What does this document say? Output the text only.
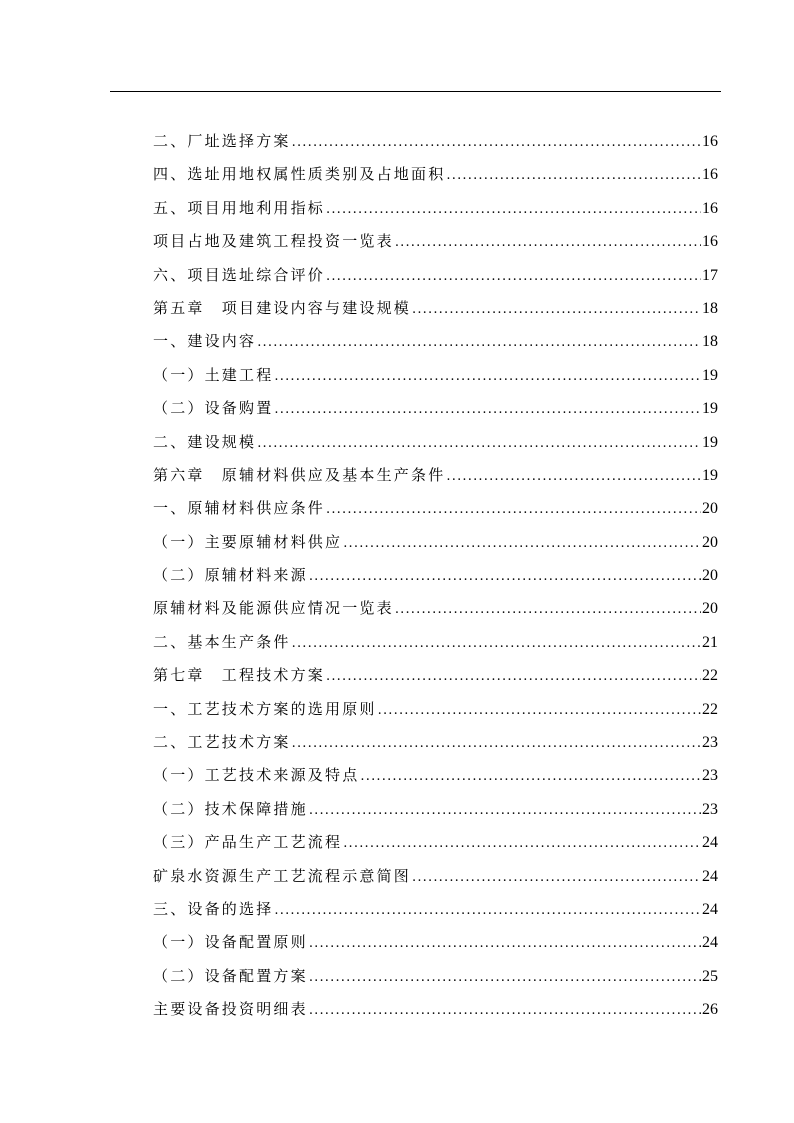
二、厂址选择方案 .....	16
四、选址用地权属性质类别及占地面积 .....	16
五、项目用地利用指标 .....	16
项目占地及建筑工程投资一览表 .....	16
六、项目选址综合评价 .....	17
第五章　项目建设内容与建设规模 .....	18
一、建设内容 .....	18
（一）土建工程 .....	19
（二）设备购置 .....	19
二、建设规模 .....	19
第六章　原辅材料供应及基本生产条件 .....	19
一、原辅材料供应条件 .....	20
（一）主要原辅材料供应 .....	20
（二）原辅材料来源 .....	20
原辅材料及能源供应情况一览表 .....	20
二、基本生产条件 .....	21
第七章　工程技术方案 .....	22
一、工艺技术方案的选用原则 .....	22
二、工艺技术方案 .....	23
（一）工艺技术来源及特点 .....	23
（二）技术保障措施 .....	23
（三）产品生产工艺流程 .....	24
矿泉水资源生产工艺流程示意简图 .....	24
三、设备的选择 .....	24
（一）设备配置原则 .....	24
（二）设备配置方案 .....	25
主要设备投资明细表 .....	26
